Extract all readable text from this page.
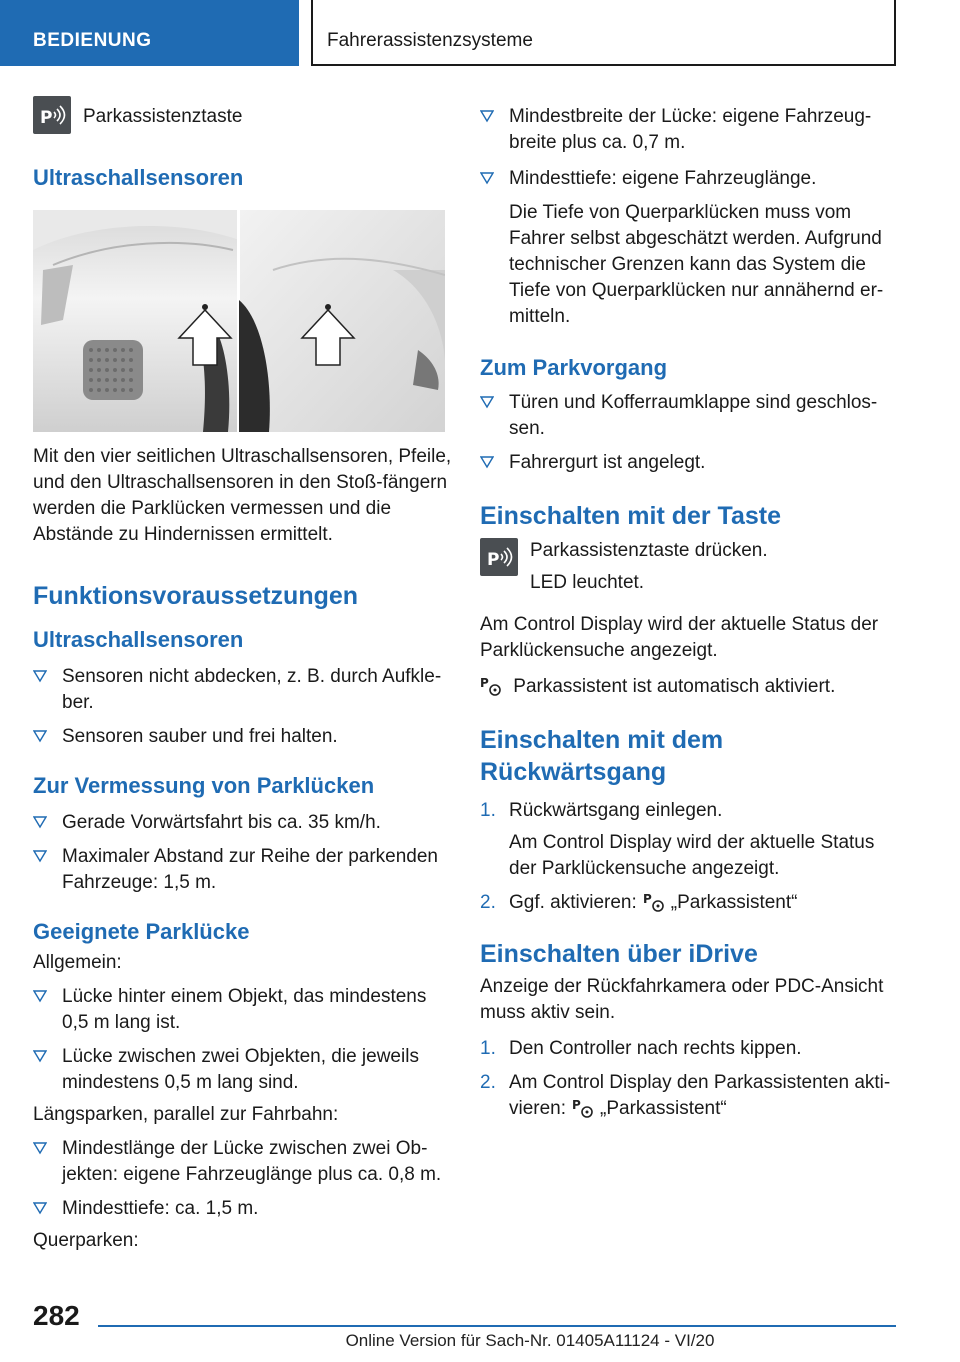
BEDIENUNG	Fahrerassistenzsysteme
P Parkassistenztaste
Ultraschallsensoren
Mit den vier seitlichen Ultraschallsensoren, Pfeile, und den Ultraschallsensoren in den Stoß-fängern werden die Parklücken vermessen und die Abstände zu Hindernissen ermittelt.
Funktionsvoraussetzungen
Ultraschallsensoren
Sensoren nicht abdecken, z. B. durch Aufkle-ber.
Sensoren sauber und frei halten.
Zur Vermessung von Parklücken
Gerade Vorwärtsfahrt bis ca. 35 km/h.
Maximaler Abstand zur Reihe der parkenden Fahrzeuge: 1,5 m.
Geeignete Parklücke
Allgemein:
Lücke hinter einem Objekt, das mindestens 0,5 m lang ist.
Lücke zwischen zwei Objekten, die jeweils mindestens 0,5 m lang sind.
Längsparken, parallel zur Fahrbahn:
Mindestlänge der Lücke zwischen zwei Ob-jekten: eigene Fahrzeuglänge plus ca. 0,8 m.
Mindesttiefe: ca. 1,5 m.
Querparken:
Mindestbreite der Lücke: eigene Fahrzeug-breite plus ca. 0,7 m.
Mindesttiefe: eigene Fahrzeuglänge.
Die Tiefe von Querparklücken muss vom Fahrer selbst abgeschätzt werden. Aufgrund technischer Grenzen kann das System die Tiefe von Querparklücken nur annähernd er-mitteln.
Zum Parkvorgang
Türen und Kofferraumklappe sind geschlos-sen.
Fahrergurt ist angelegt.
Einschalten mit der Taste
P Parkassistenztaste drücken.
LED leuchtet.
Am Control Display wird der aktuelle Status der Parklückensuche angezeigt.
P Parkassistent ist automatisch aktiviert.
Einschalten mit dem Rückwärtsgang
1. Rückwärtsgang einlegen.
Am Control Display wird der aktuelle Status der Parklückensuche angezeigt.
2. Ggf. aktivieren: P „Parkassistent“
Einschalten über iDrive
Anzeige der Rückfahrkamera oder PDC-Ansicht muss aktiv sein.
1. Den Controller nach rechts kippen.
2. Am Control Display den Parkassistenten akti-vieren: P „Parkassistent“
282
Online Version für Sach-Nr. 01405A11124 - VI/20
